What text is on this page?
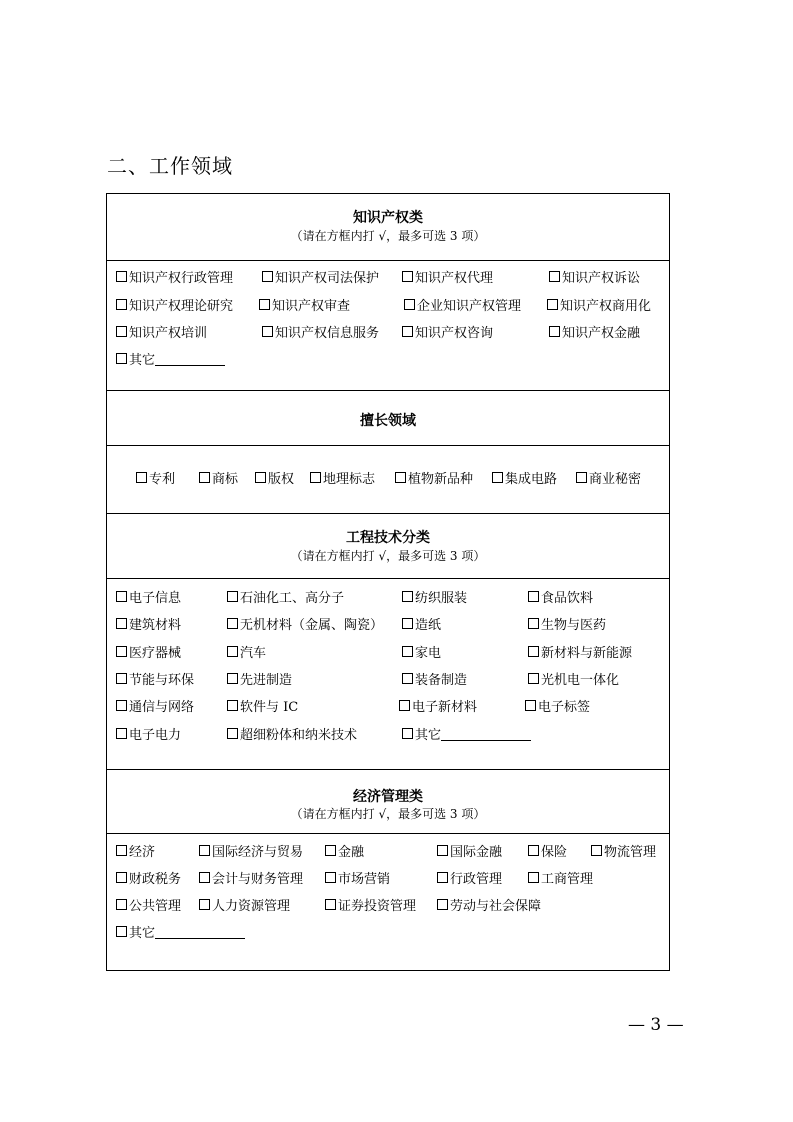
二、工作领域
知识产权类
（请在方框内打 √，最多可选 3 项）
知识产权行政管理	知识产权司法保护	知识产权代理	知识产权诉讼
知识产权理论研究	知识产权审查	企业知识产权管理	知识产权商用化
知识产权培训	知识产权信息服务	知识产权咨询	知识产权金融
其它
擅长领域
专利	商标	版权	地理标志	植物新品种	集成电路	商业秘密
工程技术分类
（请在方框内打 √，最多可选 3 项）
电子信息	石油化工、高分子	纺织服装	食品饮料
建筑材料	无机材料（金属、陶瓷）	造纸	生物与医药
医疗器械	汽车	家电	新材料与新能源
节能与环保	先进制造	装备制造	光机电一体化
通信与网络	软件与 IC	电子新材料	电子标签
电子电力	超细粉体和纳米技术	其它
经济管理类
（请在方框内打 √，最多可选 3 项）
经济	国际经济与贸易	金融	国际金融	保险	物流管理
财政税务	会计与财务管理	市场营销	行政管理	工商管理
公共管理	人力资源管理	证券投资管理	劳动与社会保障
其它
— 3 —
